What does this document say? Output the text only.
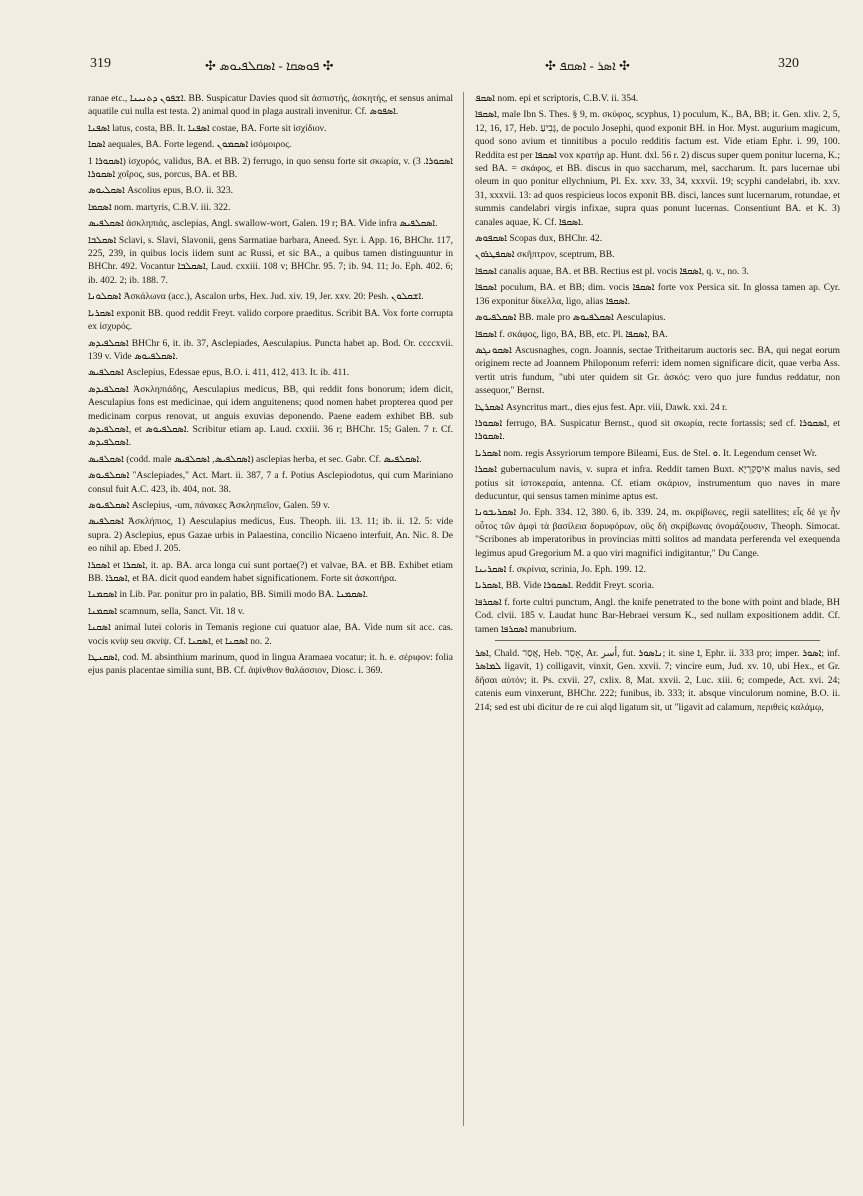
319	✣ ܦܘܣܩܐ - ܐܣܩܠܦܝܘܣ ✣	✣ ܐܣܪ - ܐܣܩܦ ✣	320

ranae etc., ܐܫܦܘܢ ܕܬܢܝܢܐ. BB. Suspicatur Davies quod sit ἀσπιστής, ἀσκητής, et sensus animal aquatile cui nulla est testa. 2) animal quod in plaga australi invenitur. Cf. ܐܣܦܘܣ.

ܐܣܦܢܐ latus, costa, BB. It. ܐܣܦܢܐ costae, BA. Forte sit ἰσχίδιον.

ܐܣܩܐ aequales, BA. Forte legend. ܐܣܩܡܘܢ ἰσόμοιρος.

ܐܣܩܘܪܐ 1) ἰσχυρός, validus, BA. et BB. 2) ferrugo, in quo sensu forte sit σκωρία, v. ܐܣܩܘܪܐ. 3) ܐܣܩܘܪܐ χοῖρος, sus, porcus, BA. et BB.

ܐܣܩܠܝܘܣ Ascolius epus, B.O. ii. 323.

ܐܣܩܡܐ nom. martyris, C.B.V. iii. 322.

ܐܣܩܠܦܝܣ ἀσκληπιάς, asclepias, Angl. swallow-wort, Galen. 19 r; BA. Vide infra ܐܣܩܠܦܝܣ.

ܐܣܩܠܒܐ Sclavi, s. Slavi, Slavonii, gens Sarmatiae barbara, Aneed. Syr. i. App. 16, BHChr. 117, 225, 239, in quibus locis iidem sunt ac Russi, et sic BA., a quibus tamen distinguuntur in BHChr. 492. Vocantur ܐܣܩܠܒܐ, Laud. cxxiii. 108 v; BHChr. 95. 7; ib. 94. 11; Jo. Eph. 402. 6; ib. 402. 2; ib. 188. 7.

ܐܣܩܠܘܢܐ Ἀσκάλωνα (acc.), Ascalon urbs, Hex. Jud. xiv. 19, Jer. xxv. 20: Pesh. ܐܫܩܠܘܢ.

ܐܣܩܪܝܐ exponit BB. quod reddit Freyt. valido corpore praeditus. Scribit BA. Vox forte corrupta ex ἰσχυρός.

ܐܣܩܠܦܝܕܣ BHChr 6, it. ib. 37, Asclepiades, Aesculapius. Puncta habet ap. Bod. Or. ccccxvii. 139 v. Vide ܐܣܩܠܦܝܘܣ.

ܐܣܩܠܦܝܣ Asclepius, Edessae epus, B.O. i. 411, 412, 413. It. ib. 411.

ܐܣܩܠܦܝܕܣ Ἀσκληπιάδης, Aesculapius medicus, BB, qui reddit fons bonorum; idem dicit, Aesculapius fons est medicinae, qui idem anguitenens; quod nomen habet propterea quod per medicinam corpus renovat, ut anguis exuvias deponendo. Paene eadem exhibet BB. sub ܐܣܩܠܦܝܕܣ, et ܐܣܩܠܦܝܘܣ. Scribitur etiam ap. Laud. cxxiii. 36 r; BHChr. 15; Galen. 7 r. Cf. ܐܣܩܠܦܝܕܣ.

ܐܣܩܠܦܝܣ (codd. male ܐܣܩܠܦܝܣ, ܐܣܩܠܦܝܣ) asclepias herba, et sec. Gabr. Cf. ܐܣܩܠܦܝܣ.

ܐܣܩܠܦܝܘܣ "Asclepiades," Act. Mart. ii. 387, 7 a f. Potius Asclepiodotus, qui cum Mariniano consul fuit A.C. 423, ib. 404, not. 38.

ܐܣܩܠܦܝܘܣ Asclepius, -um, πάνακες Ἀσκληπιεῖον, Galen. 59 v.

ܐܣܩܠܦܝܣ Ἀσκλήπιος, 1) Aesculapius medicus, Eus. Theoph. iii. 13. 11; ib. ii. 12. 5: vide supra. 2) Asclepius, epus Gazae urbis in Palaestina, concilio Nicaeno interfuit, An. Nic. 8. De eo nihil ap. Ebed J. 205.

ܐܣܩܪܐ et ܐܣܩܪܐ, it. ap. BA. arca longa cui sunt portae(?) et valvae, BA. et BB. Exhibet etiam BB. ܐܣܩܪܐ, et BA. dicit quod eandem habet significationem. Forte sit ἀσκοπήρα.

ܐܣܩܡܢܐ in Lib. Par. ponitur pro in palatio, BB. Simili modo BA. ܐܣܩܡܢܐ.

ܐܣܩܡܢܐ scamnum, sella, Sanct. Vit. 18 v.

ܐܣܩܢܐ animal lutei coloris in Temanis regione cui quatuor alae, BA. Vide num sit acc. cas. vocis κνίψ seu σκνίψ. Cf. ܐܣܩܢܐ, et ܐܣܩܢܐ no. 2.

ܐܣܩܢܛܐ, cod. M. absinthium marinum, quod in lingua Aramaea vocatur; it. h. e. σέριφον: folia ejus panis placentae similia sunt, BB. Cf. ἀψίνθιον θαλάσσιον, Diosc. i. 369.

ܐܣܩܦ nom. epi et scriptoris, C.B.V. ii. 354.

ܐܣܩܦܐ, male Ibn S. Thes. § 9, m. σκύφος, scyphus, 1) poculum, K., BA, BB; it. Gen. xliv. 2, 5, 12, 16, 17, Heb. גָּבִיעַ, de poculo Josephi, quod exponit BH. in Hor. Myst. augurium magicum, quod sono avium et tinnitibus a poculo redditis factum est. Vide etiam Ephr. i. 99, 100. Reddita est per ܐܣܩܦܐ vox κρατήρ ap. Hunt. dxl. 56 r. 2) discus super quem ponitur lucerna, K.; sed BA. = σκάφος, et BB. discus in quo saccharum, mel, saccharum. It. pars lucernae ubi oleum in quo ponitur ellychnium, Pl. Ex. xxv. 33, 34, xxxvii. 19; scyphi candelabri, ib. xxv. 31, xxxvii. 13: ad quos respicieus locos exponit BB. disci, lances sunt lucernarum, rotundae, et summis candelabri virgis infixae, supra quas ponunt lucernas. Consentiunt BA. et K. 3) canales aquae, K. Cf. ܐܣܩܦܐ.

ܐܣܩܦܘܣ Scopas dux, BHChr. 42.

ܐܣܩܦܛܪܘܢ σκῆπτρον, sceptrum, BB.

ܐܣܩܦܐ canalis aquae, BA. et BB. Rectius est pl. vocis ܐܣܩܦܐ, q. v., no. 3.

ܐܣܩܦܐ poculum, BA. et BB; dim. vocis ܐܣܩܦܐ forte vox Persica sit. In glossa tamen ap. Cyr. 136 exponitur δίκελλα, ligo, alias ܐܣܩܦܐ.

ܐܣܩܠܦܝܘܣ BB. male pro ܐܣܩܠܦܝܘܣ Aesculapius.

ܐܣܩܦܐ f. σκάφος, ligo, BA, BB, etc. Pl. ܐܣܩܦܐ, BA.

ܐܣܩܘܢܓܣ Ascusnaghes, cogn. Joannis, sectae Tritheitarum auctoris sec. BA, qui negat eorum originem recte ad Joannem Philoponum referri: idem nomen significare dicit, quae verba Ass. vertit utris fundum, "ubi uter quidem sit Gr. ἀσκός: vero quo jure fundus reddatur, non assequor," Bernst.

ܐܣܩܪܛܐ Asyncritus mart., dies ejus fest. Apr. viii, Dawk. xxi. 24 r.

ܐܣܩܘܪܐ ferrugo, BA. Suspicatur Bernst., quod sit σκωρία, recte fortassis; sed cf. ܐܣܩܘܪܐ, et ܐܣܩܘܪܐ.

ܐܣܩܪܝܐ nom. regis Assyriorum tempore Bileami, Eus. de Stel. ܘ. It. Legendum censet Wr.

ܐܣܩܪܐ gubernaculum navis, v. supra et infra. Reddit tamen Buxt. אִיסְקַרְיָא malus navis, sed potius sit ἰστοκεραία, antenna. Cf. etiam σκάριον, instrumentum quo naves in mare deducuntur, qui sensus tamen minime aptus est.

ܐܣܩܪܝܒܘܢܐ Jo. Eph. 334. 12, 380. 6, ib. 339. 24, m. σκρίβωνες, regii satellites; εἷς δὲ γε ἦν οὗτος τῶν ἀμφὶ τὰ βασίλεια δορυφόρων, οὓς δὴ σκρίβωνας ὀνομάζουσιν, Theoph. Simocat. "Scribones ab imperatoribus in provincias mitti solitos ad mandata perferenda vel exequenda legimus apud Gregorium M. a quo viri magnifici indigitantur," Du Cange.

ܐܣܩܪܝܢܐ f. σκρίνια, scrinia, Jo. Eph. 199. 12.

ܐܣܩܪܝܐ, BB. Vide ܐܣܩܘܪܐ. Reddit Freyt. scoria.

ܐܣܩܪܦܐ f. forte cultri punctum, Angl. the knife penetrated to the bone with point and blade, BH Cod. clvii. 185 v. Laudat hunc Bar-Hebraei versum K., sed nullam expositionem addit. Cf. tamen ܐܣܩܪܦܐ manubrium.

ܐܣܪ, Chald. אֲסַר, Heb. אָסַר, Ar. أسر, fut. ܢܐܣܘܪ; it. sine ܐ, Ephr. ii. 333 pro; imper. ܐܣܘܪ; inf. ܠܡܐܣܪ ligavit, 1) colligavit, vinxit, Gen. xxvii. 7; vincire eum, Jud. xv. 10, ubi Hex., et Gr. δῆσαι αὐτόν; it. Ps. cxvii. 27, cxlix. 8, Mat. xxvii. 2, Luc. xiii. 6; compede, Act. xvi. 24; catenis eum vinxerunt, BHChr. 222; funibus, ib. 333; it. absque vinculorum nomine, B.O. ii. 214; sed est ubi dicitur de re cui alqd ligatum sit, ut "ligavit ad calamum, περιθεὶς καλάμῳ,
